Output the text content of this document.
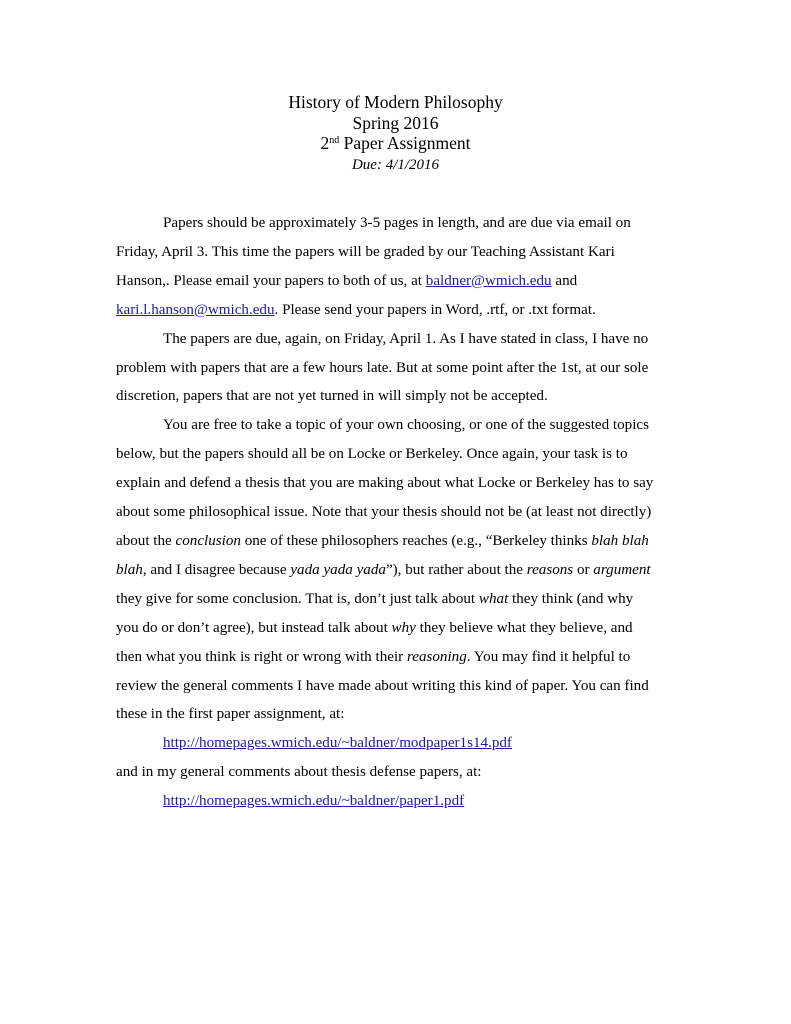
History of Modern Philosophy
Spring 2016
2nd Paper Assignment
Due: 4/1/2016

Papers should be approximately 3-5 pages in length, and are due via email on Friday, April 3. This time the papers will be graded by our Teaching Assistant Kari Hanson,. Please email your papers to both of us, at baldner@wmich.edu and kari.l.hanson@wmich.edu. Please send your papers in Word, .rtf, or .txt format.

The papers are due, again, on Friday, April 1. As I have stated in class, I have no problem with papers that are a few hours late. But at some point after the 1st, at our sole discretion, papers that are not yet turned in will simply not be accepted.

You are free to take a topic of your own choosing, or one of the suggested topics below, but the papers should all be on Locke or Berkeley. Once again, your task is to explain and defend a thesis that you are making about what Locke or Berkeley has to say about some philosophical issue. Note that your thesis should not be (at least not directly) about the conclusion one of these philosophers reaches (e.g., “Berkeley thinks blah blah blah, and I disagree because yada yada yada”), but rather about the reasons or argument they give for some conclusion. That is, don’t just talk about what they think (and why you do or don’t agree), but instead talk about why they believe what they believe, and then what you think is right or wrong with their reasoning. You may find it helpful to review the general comments I have made about writing this kind of paper. You can find these in the first paper assignment, at:

http://homepages.wmich.edu/~baldner/modpaper1s14.pdf
and in my general comments about thesis defense papers, at:
http://homepages.wmich.edu/~baldner/paper1.pdf
